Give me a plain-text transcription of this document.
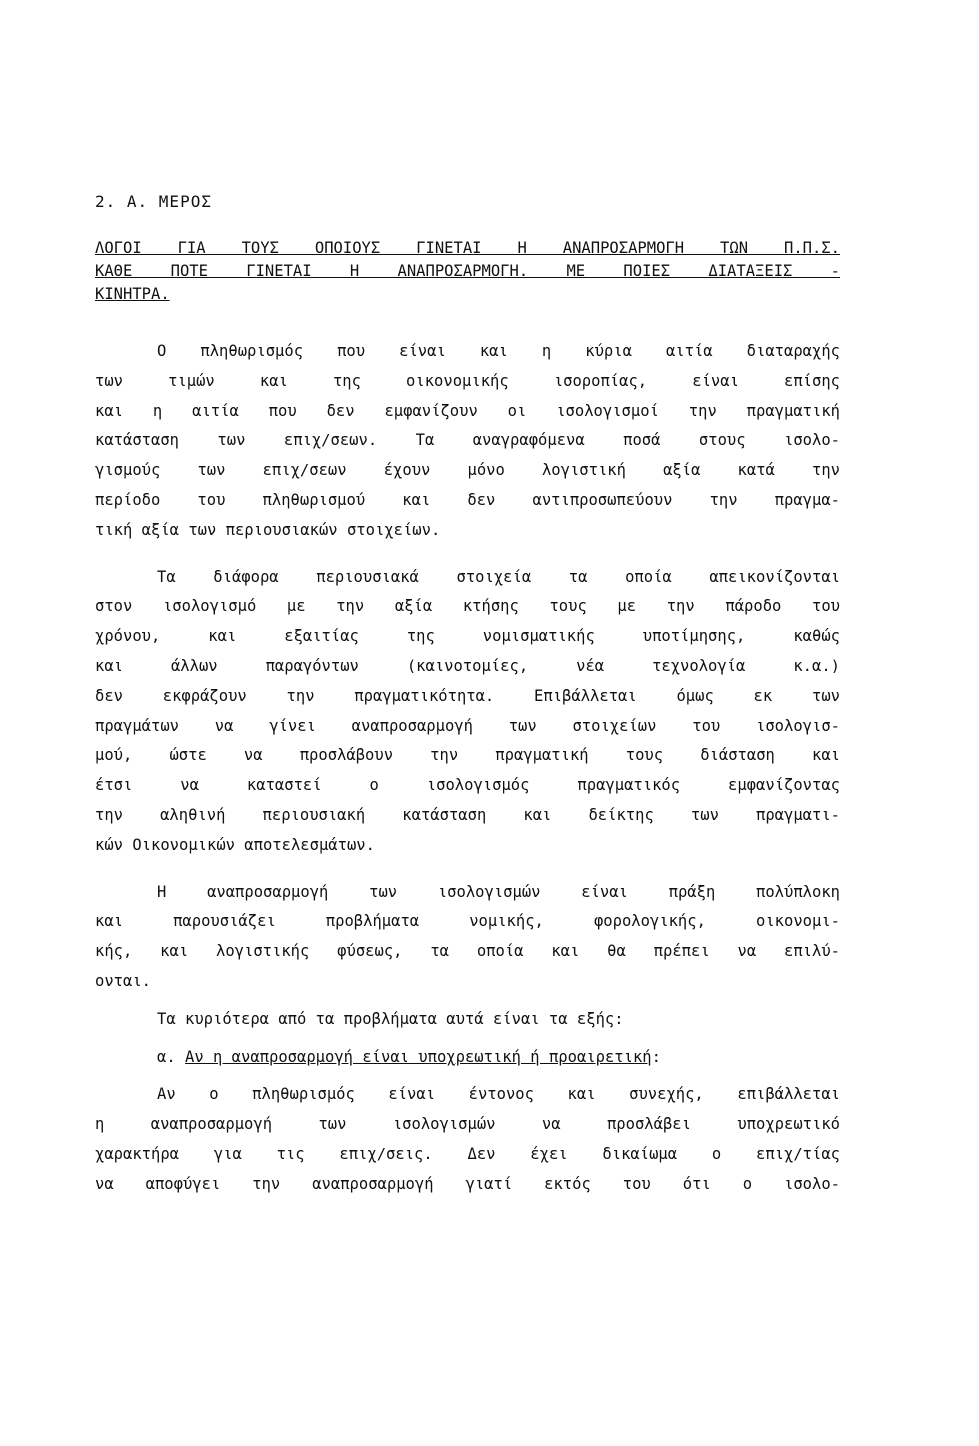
2. Α. ΜΕΡΟΣ
ΛΟΓΟΙ ΓΙΑ ΤΟΥΣ ΟΠΟΙΟΥΣ ΓΙΝΕΤΑΙ Η ΑΝΑΠΡΟΣΑΡΜΟΓΗ ΤΩΝ Π.Π.Σ.
ΚΑΘΕ ΠΟΤΕ ΓΙΝΕΤΑΙ Η ΑΝΑΠΡΟΣΑΡΜΟΓΗ. ΜΕ ΠΟΙΕΣ ΔΙΑΤΑΞΕΙΣ -
ΚΙΝΗΤΡΑ.
Ο πληθωρισμός που είναι και η κύρια αιτία διαταραχής
των τιμών και της οικονομικής ισοροπίας, είναι επίσης
και η αιτία που δεν εμφανίζουν οι ισολογισμοί την πραγματική
κατάσταση των επιχ/σεων. Τα αναγραφόμενα ποσά στους ισολο-
γισμούς των επιχ/σεων έχουν μόνο λογιστική αξία κατά την
περίοδο του πληθωρισμού και δεν αντιπροσωπεύουν την πραγμα-
τική αξία των περιουσιακών στοιχείων.
Τα διάφορα περιουσιακά στοιχεία τα οποία απεικονίζονται
στον ισολογισμό με την αξία κτήσης τους με την πάροδο του
χρόνου, και εξαιτίας της νομισματικής υποτίμησης, καθώς
και άλλων παραγόντων (καινοτομίες, νέα τεχνολογία κ.α.)
δεν εκφράζουν την πραγματικότητα. Επιβάλλεται όμως εκ των
πραγμάτων να γίνει αναπροσαρμογή των στοιχείων του ισολογισ-
μού, ώστε να προσλάβουν την πραγματική τους διάσταση και
έτσι να καταστεί ο ισολογισμός πραγματικός εμφανίζοντας
την αληθινή περιουσιακή κατάσταση και δείκτης των πραγματι-
κών Οικονομικών αποτελεσμάτων.
Η αναπροσαρμογή των ισολογισμών είναι πράξη πολύπλοκη
και παρουσιάζει προβλήματα νομικής, φορολογικής, οικονομι-
κής, και λογιστικής φύσεως, τα οποία και θα πρέπει να επιλύ-
ονται.
Τα κυριότερα από τα προβλήματα αυτά είναι τα εξής:
α. Αν η αναπροσαρμογή είναι υποχρεωτική ή προαιρετική:
Αν ο πληθωρισμός είναι έντονος και συνεχής, επιβάλλεται
η αναπροσαρμογή των ισολογισμών να προσλάβει υποχρεωτικό
χαρακτήρα για τις επιχ/σεις. Δεν έχει δικαίωμα ο επιχ/τίας
να αποφύγει την αναπροσαρμογή γιατί εκτός του ότι ο ισολο-
